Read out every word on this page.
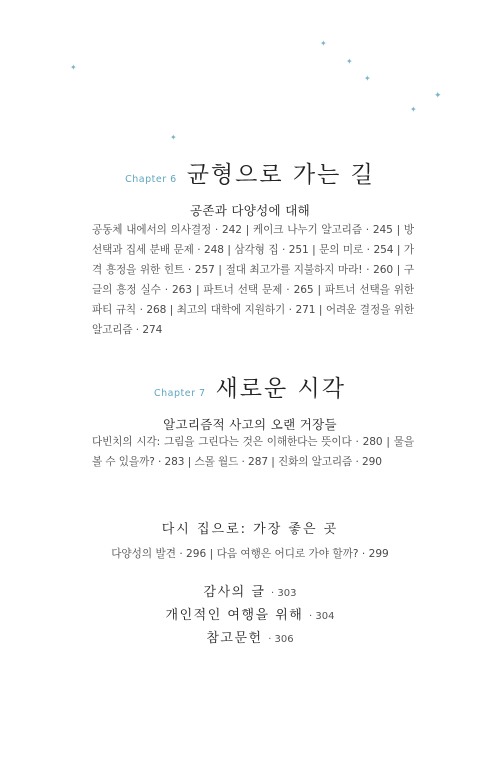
✦
✦
✦
✦
✦
✦
✦
Chapter 6 균형으로 가는 길
공존과 다양성에 대해
공동체 내에서의 의사결정 · 242 | 케이크 나누기 알고리즘 · 245 | 방 선택과 집세 분배 문제 · 248 | 삼각형 집 · 251 | 문의 미로 · 254 | 가격 흥정을 위한 힌트 · 257 | 절대 최고가를 지불하지 마라! · 260 | 구글의 흥정 실수 · 263 | 파트너 선택 문제 · 265 | 파트너 선택을 위한 파티 규칙 · 268 | 최고의 대학에 지원하기 · 271 | 어려운 결정을 위한 알고리즘 · 274
Chapter 7 새로운 시각
알고리즘적 사고의 오랜 거장들
다빈치의 시각: 그림을 그린다는 것은 이해한다는 뜻이다 · 280 | 물을 볼 수 있을까? · 283 | 스몰 월드 · 287 | 진화의 알고리즘 · 290
다시 집으로: 가장 좋은 곳
다양성의 발견 · 296 | 다음 여행은 어디로 가야 할까? · 299
감사의 글 · 303
개인적인 여행을 위해 · 304
참고문헌 · 306
